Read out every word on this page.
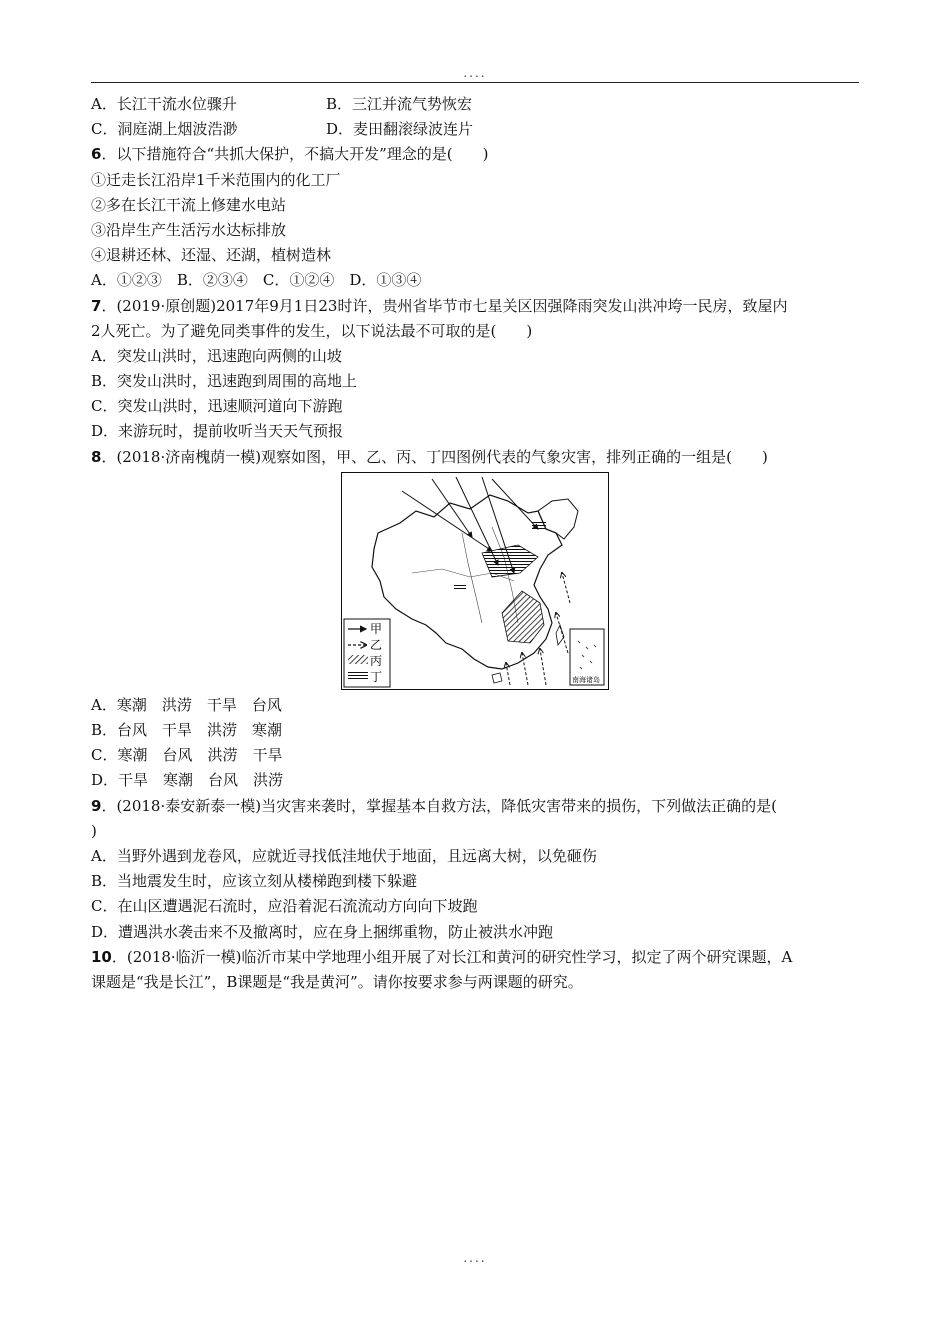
....
A．长江干流水位骤升	B．三江并流气势恢宏
C．洞庭湖上烟波浩渺	D．麦田翻滚绿波连片
6．以下措施符合“共抓大保护，不搞大开发”理念的是(　　)
①迁走长江沿岸1千米范围内的化工厂
②多在长江干流上修建水电站
③沿岸生产生活污水达标排放
④退耕还林、还湿、还湖，植树造林
A．①②③　B．②③④　C．①②④　D．①③④
7．(2019·原创题)2017年9月1日23时许，贵州省毕节市七星关区因强降雨突发山洪冲垮一民房，致屋内
2人死亡。为了避免同类事件的发生，以下说法最不可取的是(　　)
A．突发山洪时，迅速跑向两侧的山坡
B．突发山洪时，迅速跑到周围的高地上
C．突发山洪时，迅速顺河道向下游跑
D．来游玩时，提前收听当天天气预报
8．(2018·济南槐荫一模)观察如图，甲、乙、丙、丁四图例代表的气象灾害，排列正确的一组是(　　)
甲
乙
丙
丁	南海诸岛
A．寒潮　洪涝　干旱　台风
B．台风　干旱　洪涝　寒潮
C．寒潮　台风　洪涝　干旱
D．干旱　寒潮　台风　洪涝
9．(2018·泰安新泰一模)当灾害来袭时，掌握基本自救方法，降低灾害带来的损伤，下列做法正确的是(
)
A．当野外遇到龙卷风，应就近寻找低洼地伏于地面，且远离大树，以免砸伤
B．当地震发生时，应该立刻从楼梯跑到楼下躲避
C．在山区遭遇泥石流时，应沿着泥石流流动方向向下坡跑
D．遭遇洪水袭击来不及撤离时，应在身上捆绑重物，防止被洪水冲跑
10．(2018·临沂一模)临沂市某中学地理小组开展了对长江和黄河的研究性学习，拟定了两个研究课题，A
课题是“我是长江”，B课题是“我是黄河”。请你按要求参与两课题的研究。
....
